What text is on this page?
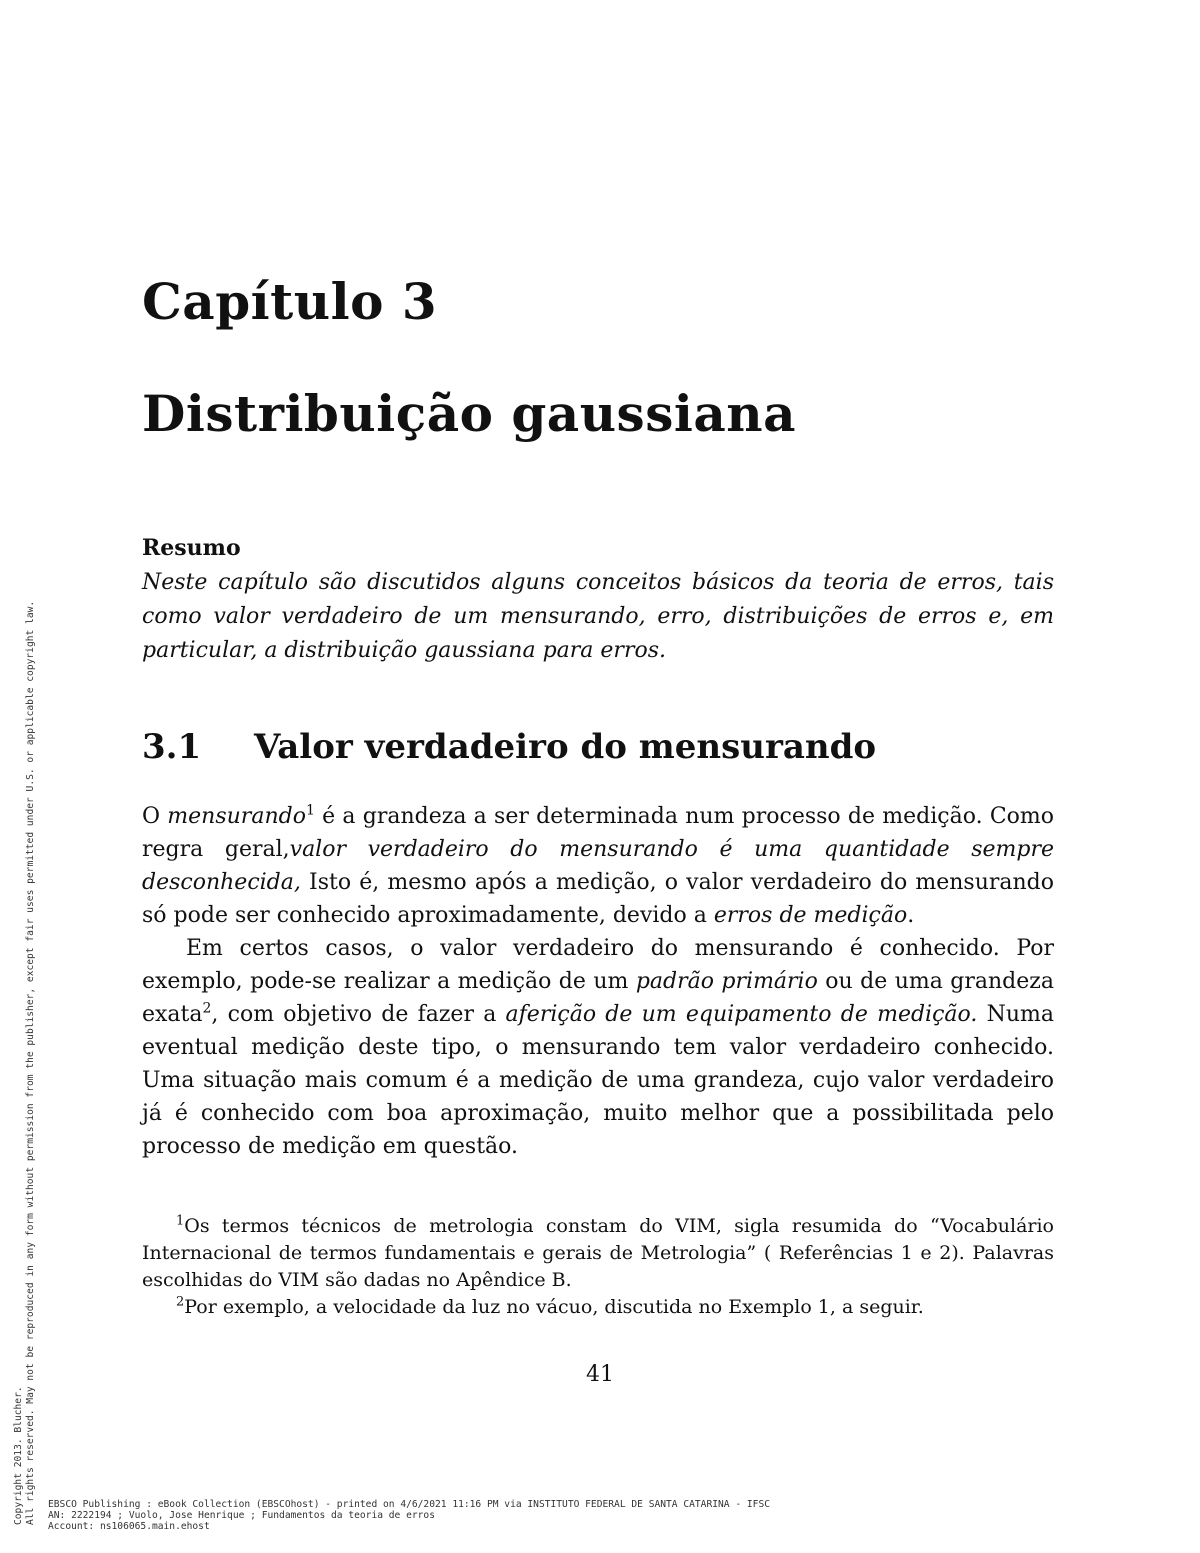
Capítulo 3
Distribuição gaussiana
Resumo
Neste capítulo são discutidos alguns conceitos básicos da teoria de erros, tais como valor verdadeiro de um mensurando, erro, distribuições de erros e, em particular, a distribuição gaussiana para erros.
3.1 Valor verdadeiro do mensurando

O mensurando$^1$ é a grandeza a ser determinada num processo de medição. Como regra geral,valor verdadeiro do mensurando é uma quantidade sempre desconhecida, Isto é, mesmo após a medição, o valor verdadeiro do mensurando só pode ser conhecido aproximadamente, devido a erros de medição.

Em certos casos, o valor verdadeiro do mensurando é conhecido. Por exemplo, pode-se realizar a medição de um padrão primário ou de uma grandeza exata$^2$, com objetivo de fazer a aferição de um equipamento de medição. Numa eventual medição deste tipo, o mensurando tem valor verdadeiro conhecido. Uma situação mais comum é a medição de uma grandeza, cujo valor verdadeiro já é conhecido com boa aproximação, muito melhor que a possibilitada pelo processo de medição em questão.

$^1$Os termos técnicos de metrologia constam do VIM, sigla resumida do “Vocabulário Internacional de termos fundamentais e gerais de Metrologia” ( Referências 1 e 2). Palavras escolhidas do VIM são dadas no Apêndice B.

$^2$Por exemplo, a velocidade da luz no vácuo, discutida no Exemplo 1, a seguir.

41
Copyright 2013. Blucher. All rights reserved. May not be reproduced in any form without permission from the publisher, except fair uses permitted under U.S. or applicable copyright law. EBSCO Publishing : eBook Collection (EBSCOhost) - printed on 4/6/2021 11:16 PM via INSTITUTO FEDERAL DE SANTA CATARINA - IFSC
AN: 2222194 ; Vuolo, Jose Henrique ; Fundamentos da teoria de erros
Account: ns106065.main.ehost
